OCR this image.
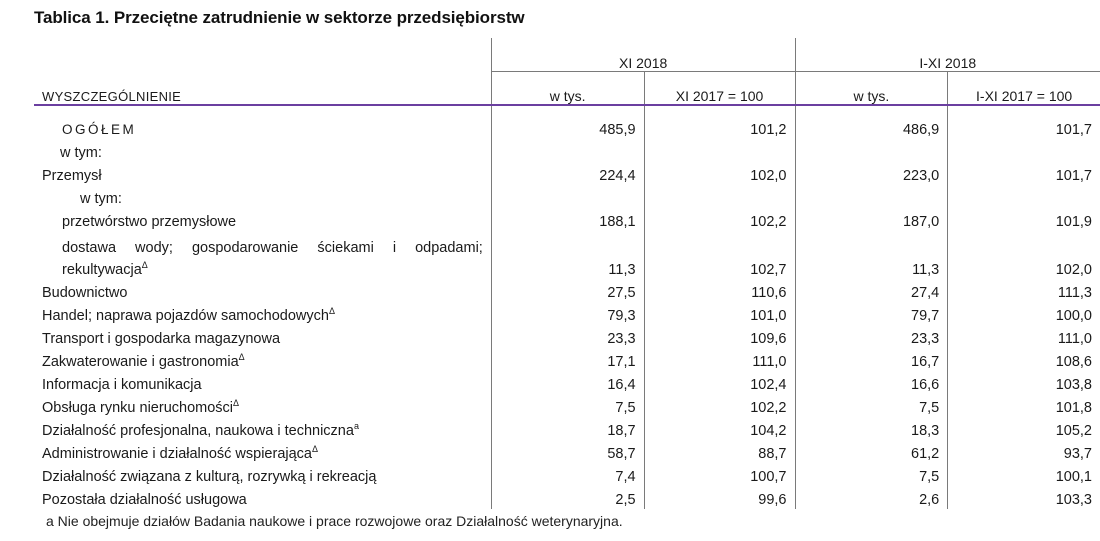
Tablica 1. Przeciętne zatrudnienie w sektorze przedsiębiorstw
WYSZCZEGÓLNIENIE	XI 2018		I-XI 2018	
	w tys.	XI 2017 = 100	w tys.	I-XI 2017 = 100

OGÓŁEM	485,9	101,2	486,9	101,7
w tym:				
Przemysł	224,4	102,0	223,0	101,7
w tym:				
przetwórstwo przemysłowe	188,1	102,2	187,0	101,9

dostawa wody; gospodarowanie ściekami i odpadami;
rekultywacja$^\Delta$	11,3	102,7	11,3	102,0
Budownictwo	27,5	110,6	27,4	111,3
Handel; naprawa pojazdów samochodowych$^\Delta$	79,3	101,0	79,7	100,0
Transport i gospodarka magazynowa	23,3	109,6	23,3	111,0
Zakwaterowanie i gastronomia$^\Delta$	17,1	111,0	16,7	108,6
Informacja i komunikacja	16,4	102,4	16,6	103,8
Obsługa rynku nieruchomości$^\Delta$	7,5	102,2	7,5	101,8
Działalność profesjonalna, naukowa i techniczna$^a$	18,7	104,2	18,3	105,2
Administrowanie i działalność wspierająca$^\Delta$	58,7	88,7	61,2	93,7
Działalność związana z kulturą, rozrywką i rekreacją	7,4	100,7	7,5	100,1
Pozostała działalność usługowa	2,5	99,6	2,6	103,3
a Nie obejmuje działów Badania naukowe i prace rozwojowe oraz Działalność weterynaryjna.
